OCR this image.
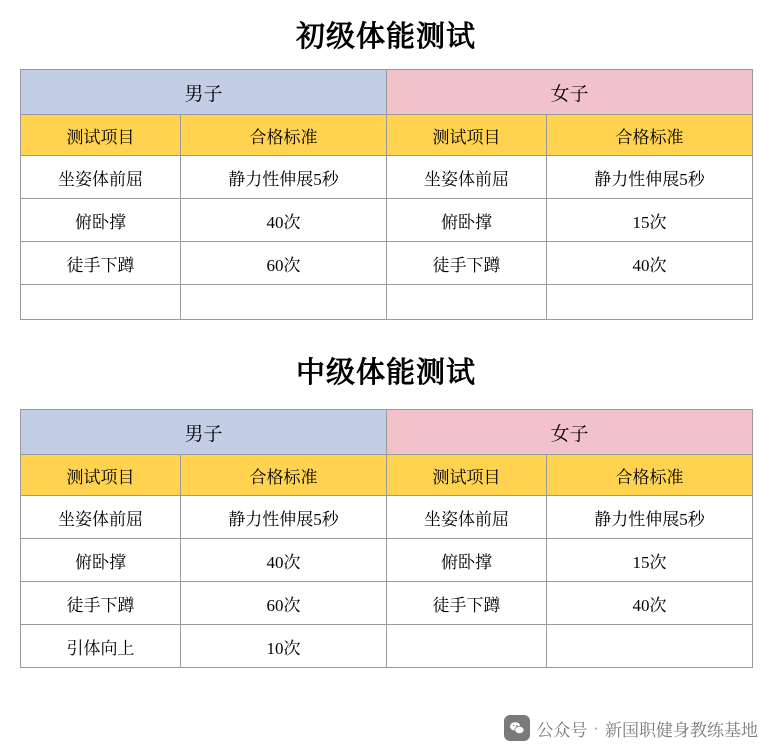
初级体能测试
男子		女子	
测试项目	合格标准	测试项目	合格标准
坐姿体前屈	静力性伸展5秒	坐姿体前屈	静力性伸展5秒
俯卧撑	40次	俯卧撑	15次
徒手下蹲	60次	徒手下蹲	40次

中级体能测试
男子		女子	
测试项目	合格标准	测试项目	合格标准
坐姿体前屈	静力性伸展5秒	坐姿体前屈	静力性伸展5秒
俯卧撑	40次	俯卧撑	15次
徒手下蹲	60次	徒手下蹲	40次
引体向上	10次		
公众号 · 新国职健身教练基地
